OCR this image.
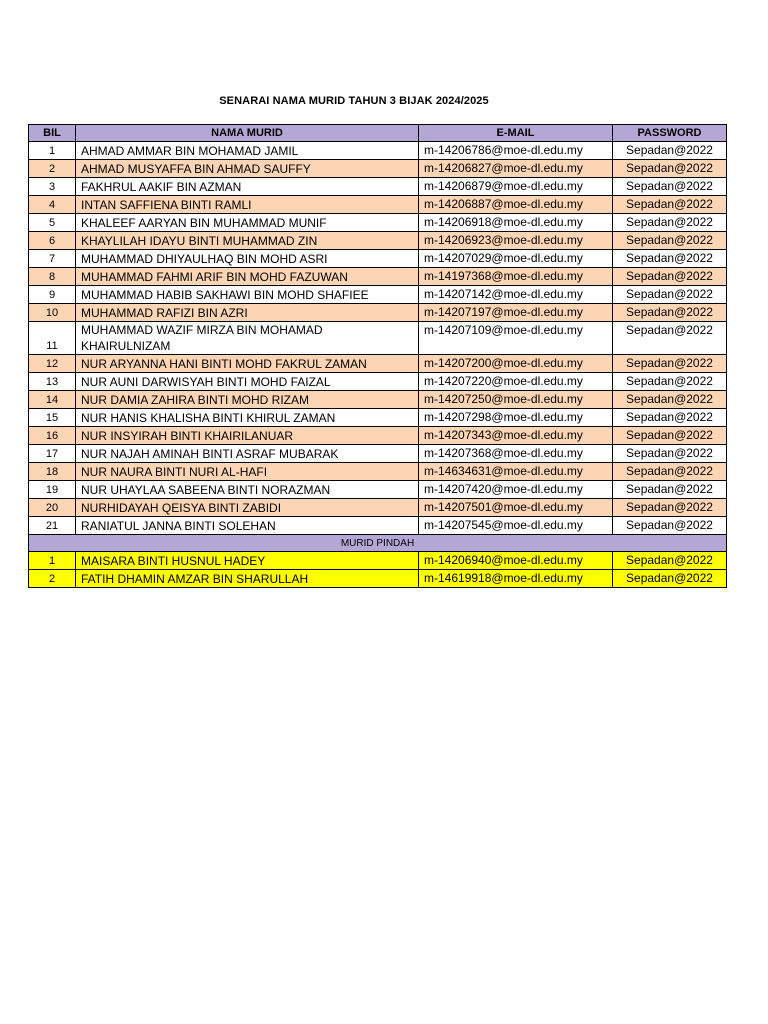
SENARAI NAMA MURID TAHUN 3 BIJAK 2024/2025
BIL	NAMA MURID	E-MAIL	PASSWORD
1	AHMAD AMMAR BIN MOHAMAD JAMIL	m-14206786@moe-dl.edu.my	Sepadan@2022
2	AHMAD MUSYAFFA BIN AHMAD SAUFFY	m-14206827@moe-dl.edu.my	Sepadan@2022
3	FAKHRUL AAKIF BIN AZMAN	m-14206879@moe-dl.edu.my	Sepadan@2022
4	INTAN SAFFIENA BINTI RAMLI	m-14206887@moe-dl.edu.my	Sepadan@2022
5	KHALEEF AARYAN BIN MUHAMMAD MUNIF	m-14206918@moe-dl.edu.my	Sepadan@2022
6	KHAYLILAH IDAYU BINTI MUHAMMAD ZIN	m-14206923@moe-dl.edu.my	Sepadan@2022
7	MUHAMMAD DHIYAULHAQ BIN MOHD ASRI	m-14207029@moe-dl.edu.my	Sepadan@2022
8	MUHAMMAD FAHMI ARIF BIN MOHD FAZUWAN	m-14197368@moe-dl.edu.my	Sepadan@2022
9	MUHAMMAD HABIB SAKHAWI BIN MOHD SHAFIEE	m-14207142@moe-dl.edu.my	Sepadan@2022
10	MUHAMMAD RAFIZI BIN AZRI	m-14207197@moe-dl.edu.my	Sepadan@2022
11	MUHAMMAD WAZIF MIRZA BIN MOHAMAD KHAIRULNIZAM	m-14207109@moe-dl.edu.my	Sepadan@2022
12	NUR ARYANNA HANI BINTI MOHD FAKRUL ZAMAN	m-14207200@moe-dl.edu.my	Sepadan@2022
13	NUR AUNI DARWISYAH BINTI MOHD FAIZAL	m-14207220@moe-dl.edu.my	Sepadan@2022
14	NUR DAMIA ZAHIRA BINTI MOHD RIZAM	m-14207250@moe-dl.edu.my	Sepadan@2022
15	NUR HANIS KHALISHA BINTI KHIRUL ZAMAN	m-14207298@moe-dl.edu.my	Sepadan@2022
16	NUR INSYIRAH BINTI KHAIRILANUAR	m-14207343@moe-dl.edu.my	Sepadan@2022
17	NUR NAJAH AMINAH BINTI ASRAF MUBARAK	m-14207368@moe-dl.edu.my	Sepadan@2022
18	NUR NAURA BINTI NURI AL-HAFI	m-14634631@moe-dl.edu.my	Sepadan@2022
19	NUR UHAYLAA SABEENA BINTI NORAZMAN	m-14207420@moe-dl.edu.my	Sepadan@2022
20	NURHIDAYAH QEISYA BINTI ZABIDI	m-14207501@moe-dl.edu.my	Sepadan@2022
21	RANIATUL JANNA BINTI SOLEHAN	m-14207545@moe-dl.edu.my	Sepadan@2022
MURID PINDAH			
1	MAISARA BINTI HUSNUL HADEY	m-14206940@moe-dl.edu.my	Sepadan@2022
2	FATIH DHAMIN AMZAR BIN SHARULLAH	m-14619918@moe-dl.edu.my	Sepadan@2022
